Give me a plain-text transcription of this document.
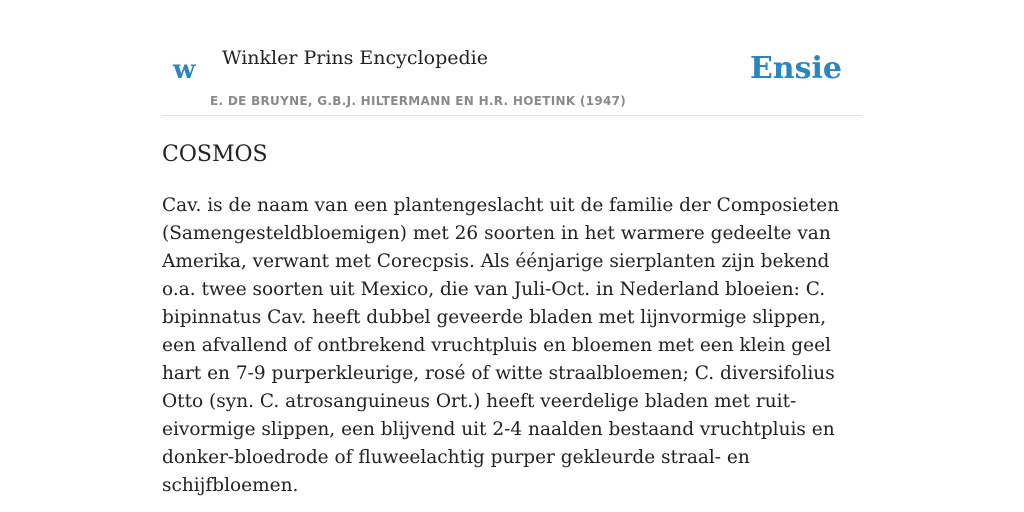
w Winkler Prins Encyclopedie	Ensie
E. DE BRUYNE, G.B.J. HILTERMANN EN H.R. HOETINK (1947)
COSMOS

Cav. is de naam van een plantengeslacht uit de familie der Composieten (Samengesteldbloemigen) met 26 soorten in het warmere gedeelte van Amerika, verwant met Corecpsis. Als éénjarige sierplanten zijn bekend o.a. twee soorten uit Mexico, die van Juli-Oct. in Nederland bloeien: C. bipinnatus Cav. heeft dubbel geveerde bladen met lijnvormige slippen, een afvallend of ontbrekend vruchtpluis en bloemen met een klein geel hart en 7-9 purperkleurige, rosé of witte straalbloemen; C. diversifolius Otto (syn. C. atrosanguineus Ort.) heeft veerdelige bladen met ruit-eivormige slippen, een blijvend uit 2-4 naalden bestaand vruchtpluis en donker-bloedrode of fluweelachtig purper gekleurde straal- en schijfbloemen.
